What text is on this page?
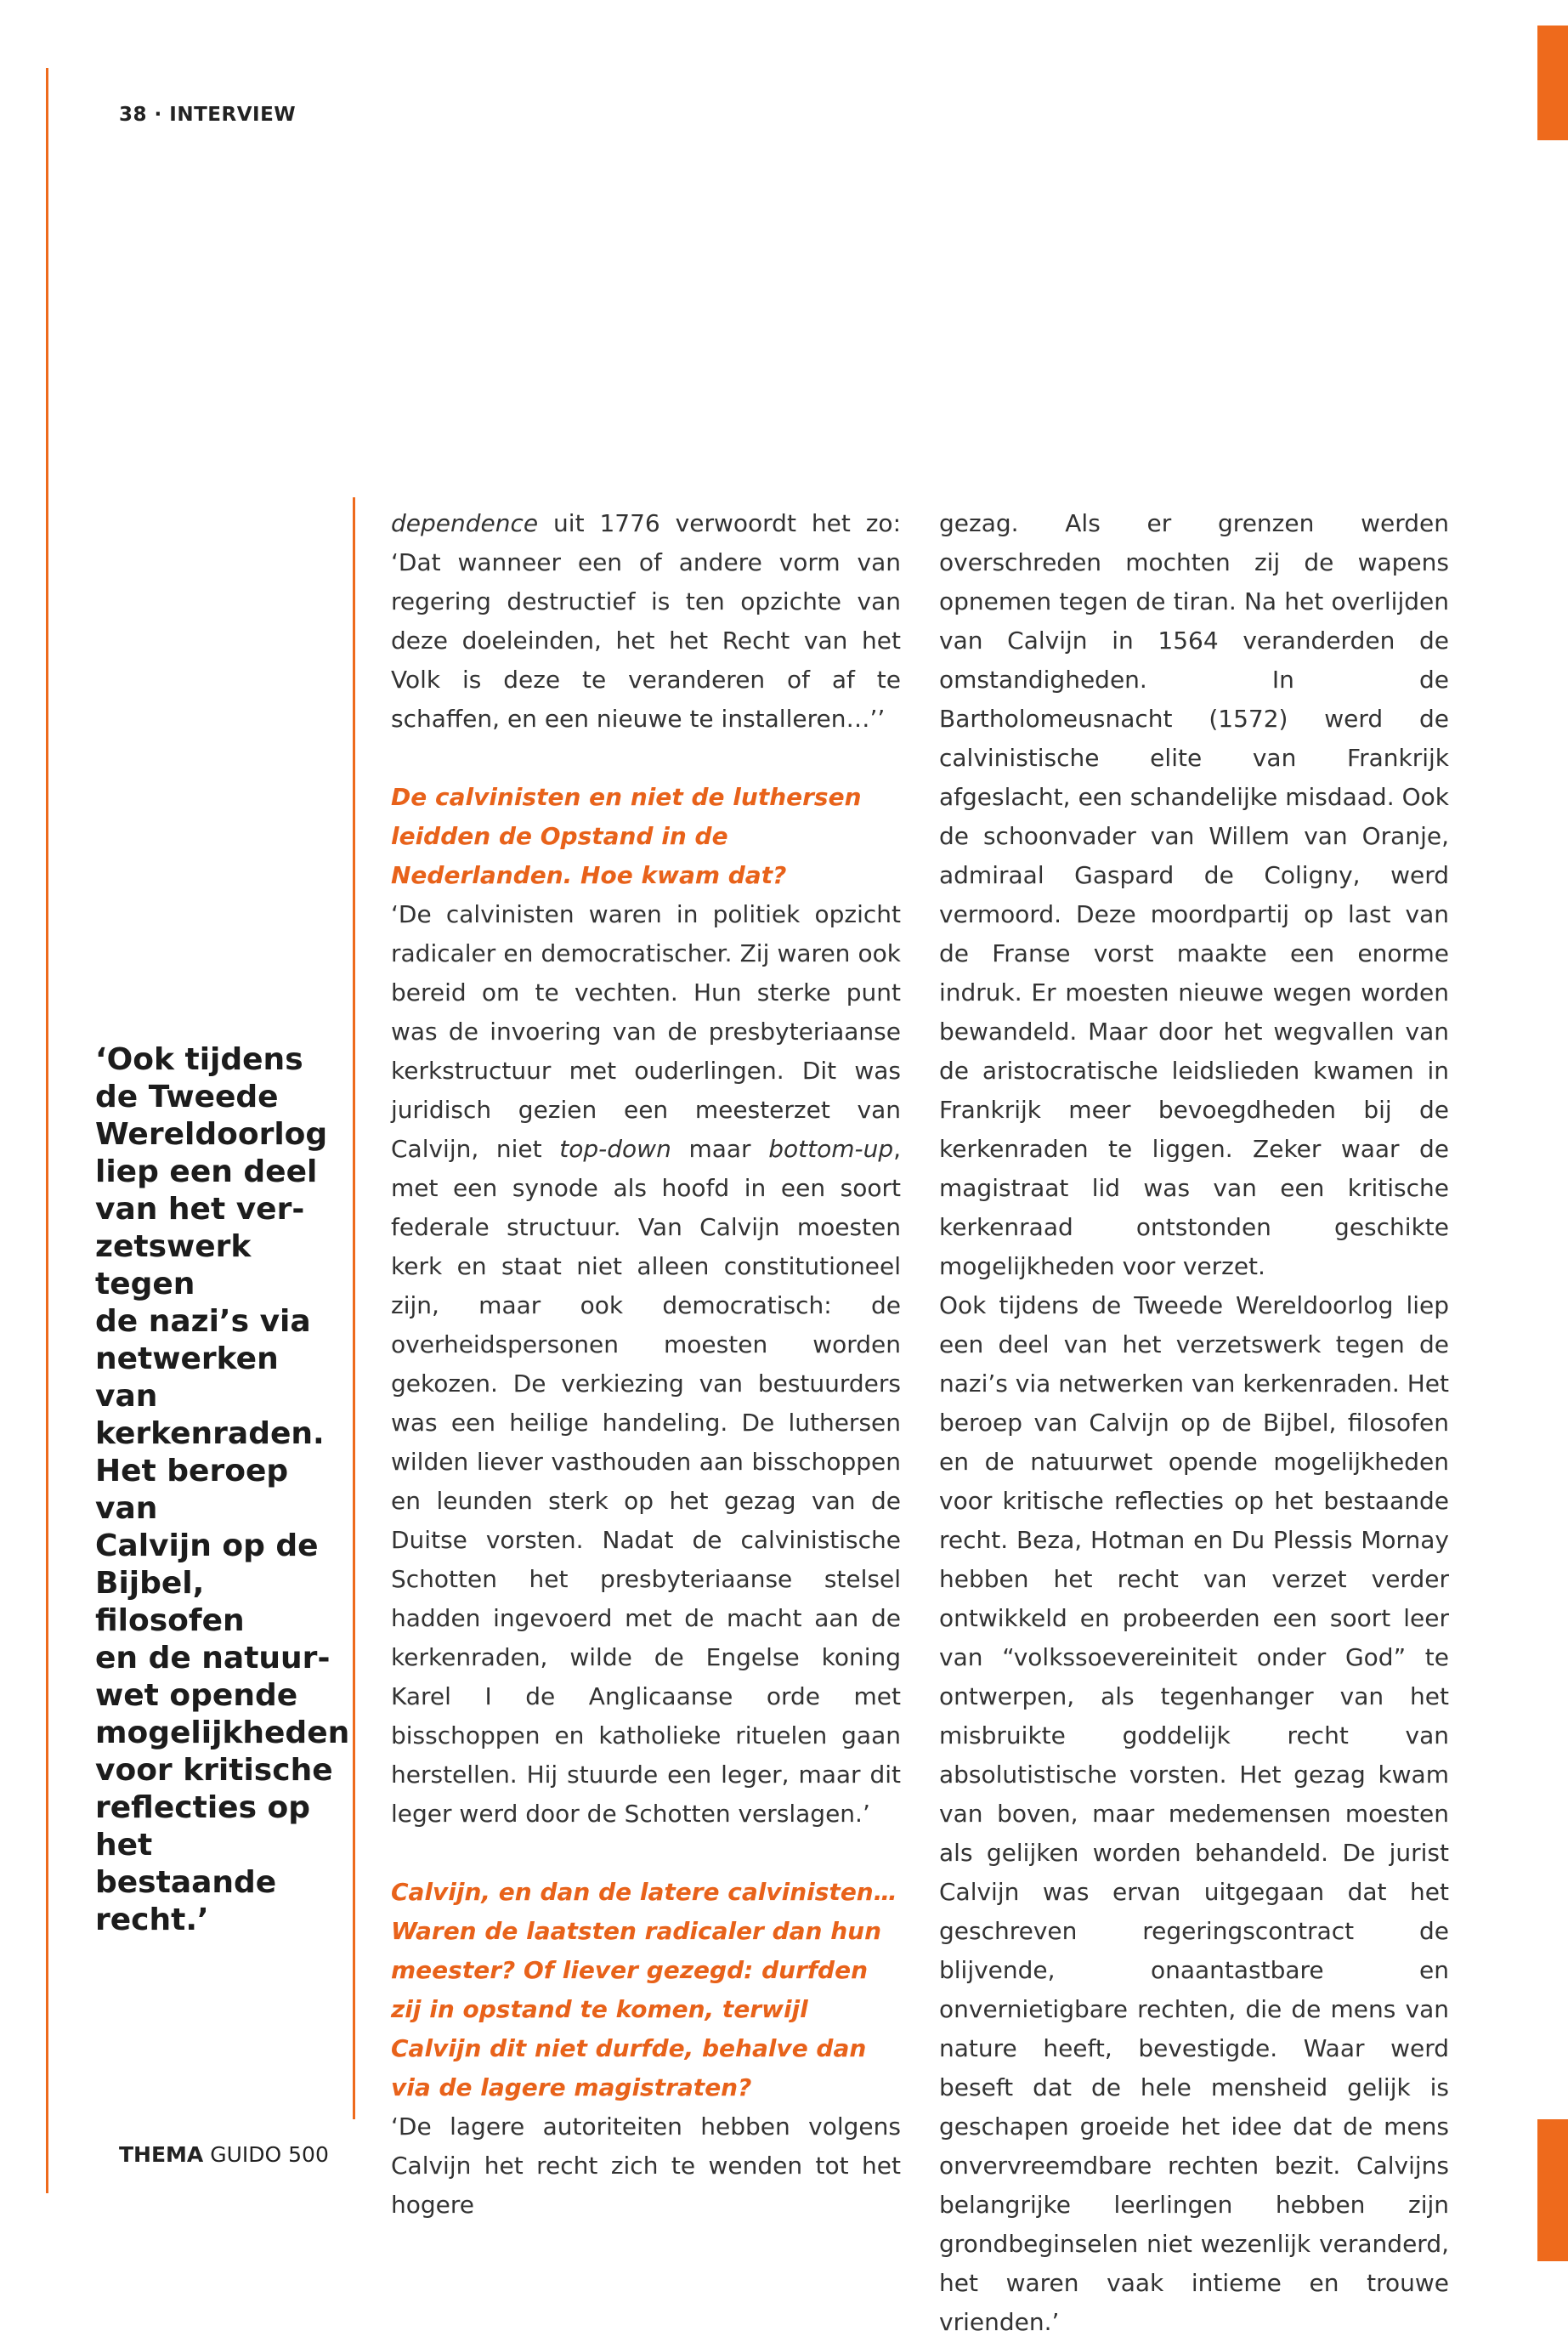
38 · INTERVIEW

‘Ook tijdens
de Tweede
Wereldoorlog
liep een deel
van het ver-
zetswerk tegen
de nazi’s via
netwerken van
kerkenraden.
Het beroep van
Calvijn op de
Bijbel, filosofen
en de natuur-
wet opende
mogelijkheden
voor kritische
reflecties op
het bestaande
recht.’

dependence uit 1776 verwoordt het zo: ‘Dat wanneer een of andere vorm van regering destructief is ten opzichte van deze doeleinden, het het Recht van het Volk is deze te veranderen of af te schaffen, en een nieuwe te installeren…’’

De calvinisten en niet de luthersen leidden de Opstand in de Nederlanden. Hoe kwam dat?

‘De calvinisten waren in politiek opzicht radicaler en democratischer. Zij waren ook bereid om te vechten. Hun sterke punt was de invoering van de presbyteriaanse kerkstructuur met ouderlingen. Dit was juridisch gezien een meesterzet van Calvijn, niet top-down maar bottom-up, met een synode als hoofd in een soort federale structuur. Van Calvijn moesten kerk en staat niet alleen constitutioneel zijn, maar ook democratisch: de overheidspersonen moesten worden gekozen. De verkiezing van bestuurders was een heilige handeling. De luthersen wilden liever vasthouden aan bisschoppen en leunden sterk op het gezag van de Duitse vorsten. Nadat de calvinistische Schotten het presbyteriaanse stelsel hadden ingevoerd met de macht aan de kerkenraden, wilde de Engelse koning Karel I de Anglicaanse orde met bisschoppen en katholieke rituelen gaan herstellen. Hij stuurde een leger, maar dit leger werd door de Schotten verslagen.’

Calvijn, en dan de latere calvinisten… Waren de laatsten radicaler dan hun meester? Of liever gezegd: durfden zij in opstand te komen, terwijl Calvijn dit niet durfde, behalve dan via de lagere magistraten?

‘De lagere autoriteiten hebben volgens Calvijn het recht zich te wenden tot het hogere

gezag. Als er grenzen werden overschreden mochten zij de wapens opnemen tegen de tiran. Na het overlijden van Calvijn in 1564 veranderden de omstandigheden. In de Bartholomeusnacht (1572) werd de calvinistische elite van Frankrijk afgeslacht, een schandelijke misdaad. Ook de schoonvader van Willem van Oranje, admiraal Gaspard de Coligny, werd vermoord. Deze moordpartij op last van de Franse vorst maakte een enorme indruk. Er moesten nieuwe wegen worden bewandeld. Maar door het wegvallen van de aristocratische leidslieden kwamen in Frankrijk meer bevoegdheden bij de kerkenraden te liggen. Zeker waar de magistraat lid was van een kritische kerkenraad ontstonden geschikte mogelijkheden voor verzet.

Ook tijdens de Tweede Wereldoorlog liep een deel van het verzetswerk tegen de nazi’s via netwerken van kerkenraden. Het beroep van Calvijn op de Bijbel, filosofen en de natuurwet opende mogelijkheden voor kritische reflecties op het bestaande recht. Beza, Hotman en Du Plessis Mornay hebben het recht van verzet verder ontwikkeld en probeerden een soort leer van “volkssoevereiniteit onder God” te ontwerpen, als tegenhanger van het misbruikte goddelijk recht van absolutistische vorsten. Het gezag kwam van boven, maar medemensen moesten als gelijken worden behandeld. De jurist Calvijn was ervan uitgegaan dat het geschreven regeringscontract de blijvende, onaantastbare en onvernietigbare rechten, die de mens van nature heeft, bevestigde. Waar werd beseft dat de hele mensheid gelijk is geschapen groeide het idee dat de mens onvervreemdbare rechten bezit. Calvijns belangrijke leerlingen hebben zijn grondbeginselen niet wezenlijk veranderd, het waren vaak intieme en trouwe vrienden.’

THEMA GUIDO 500
